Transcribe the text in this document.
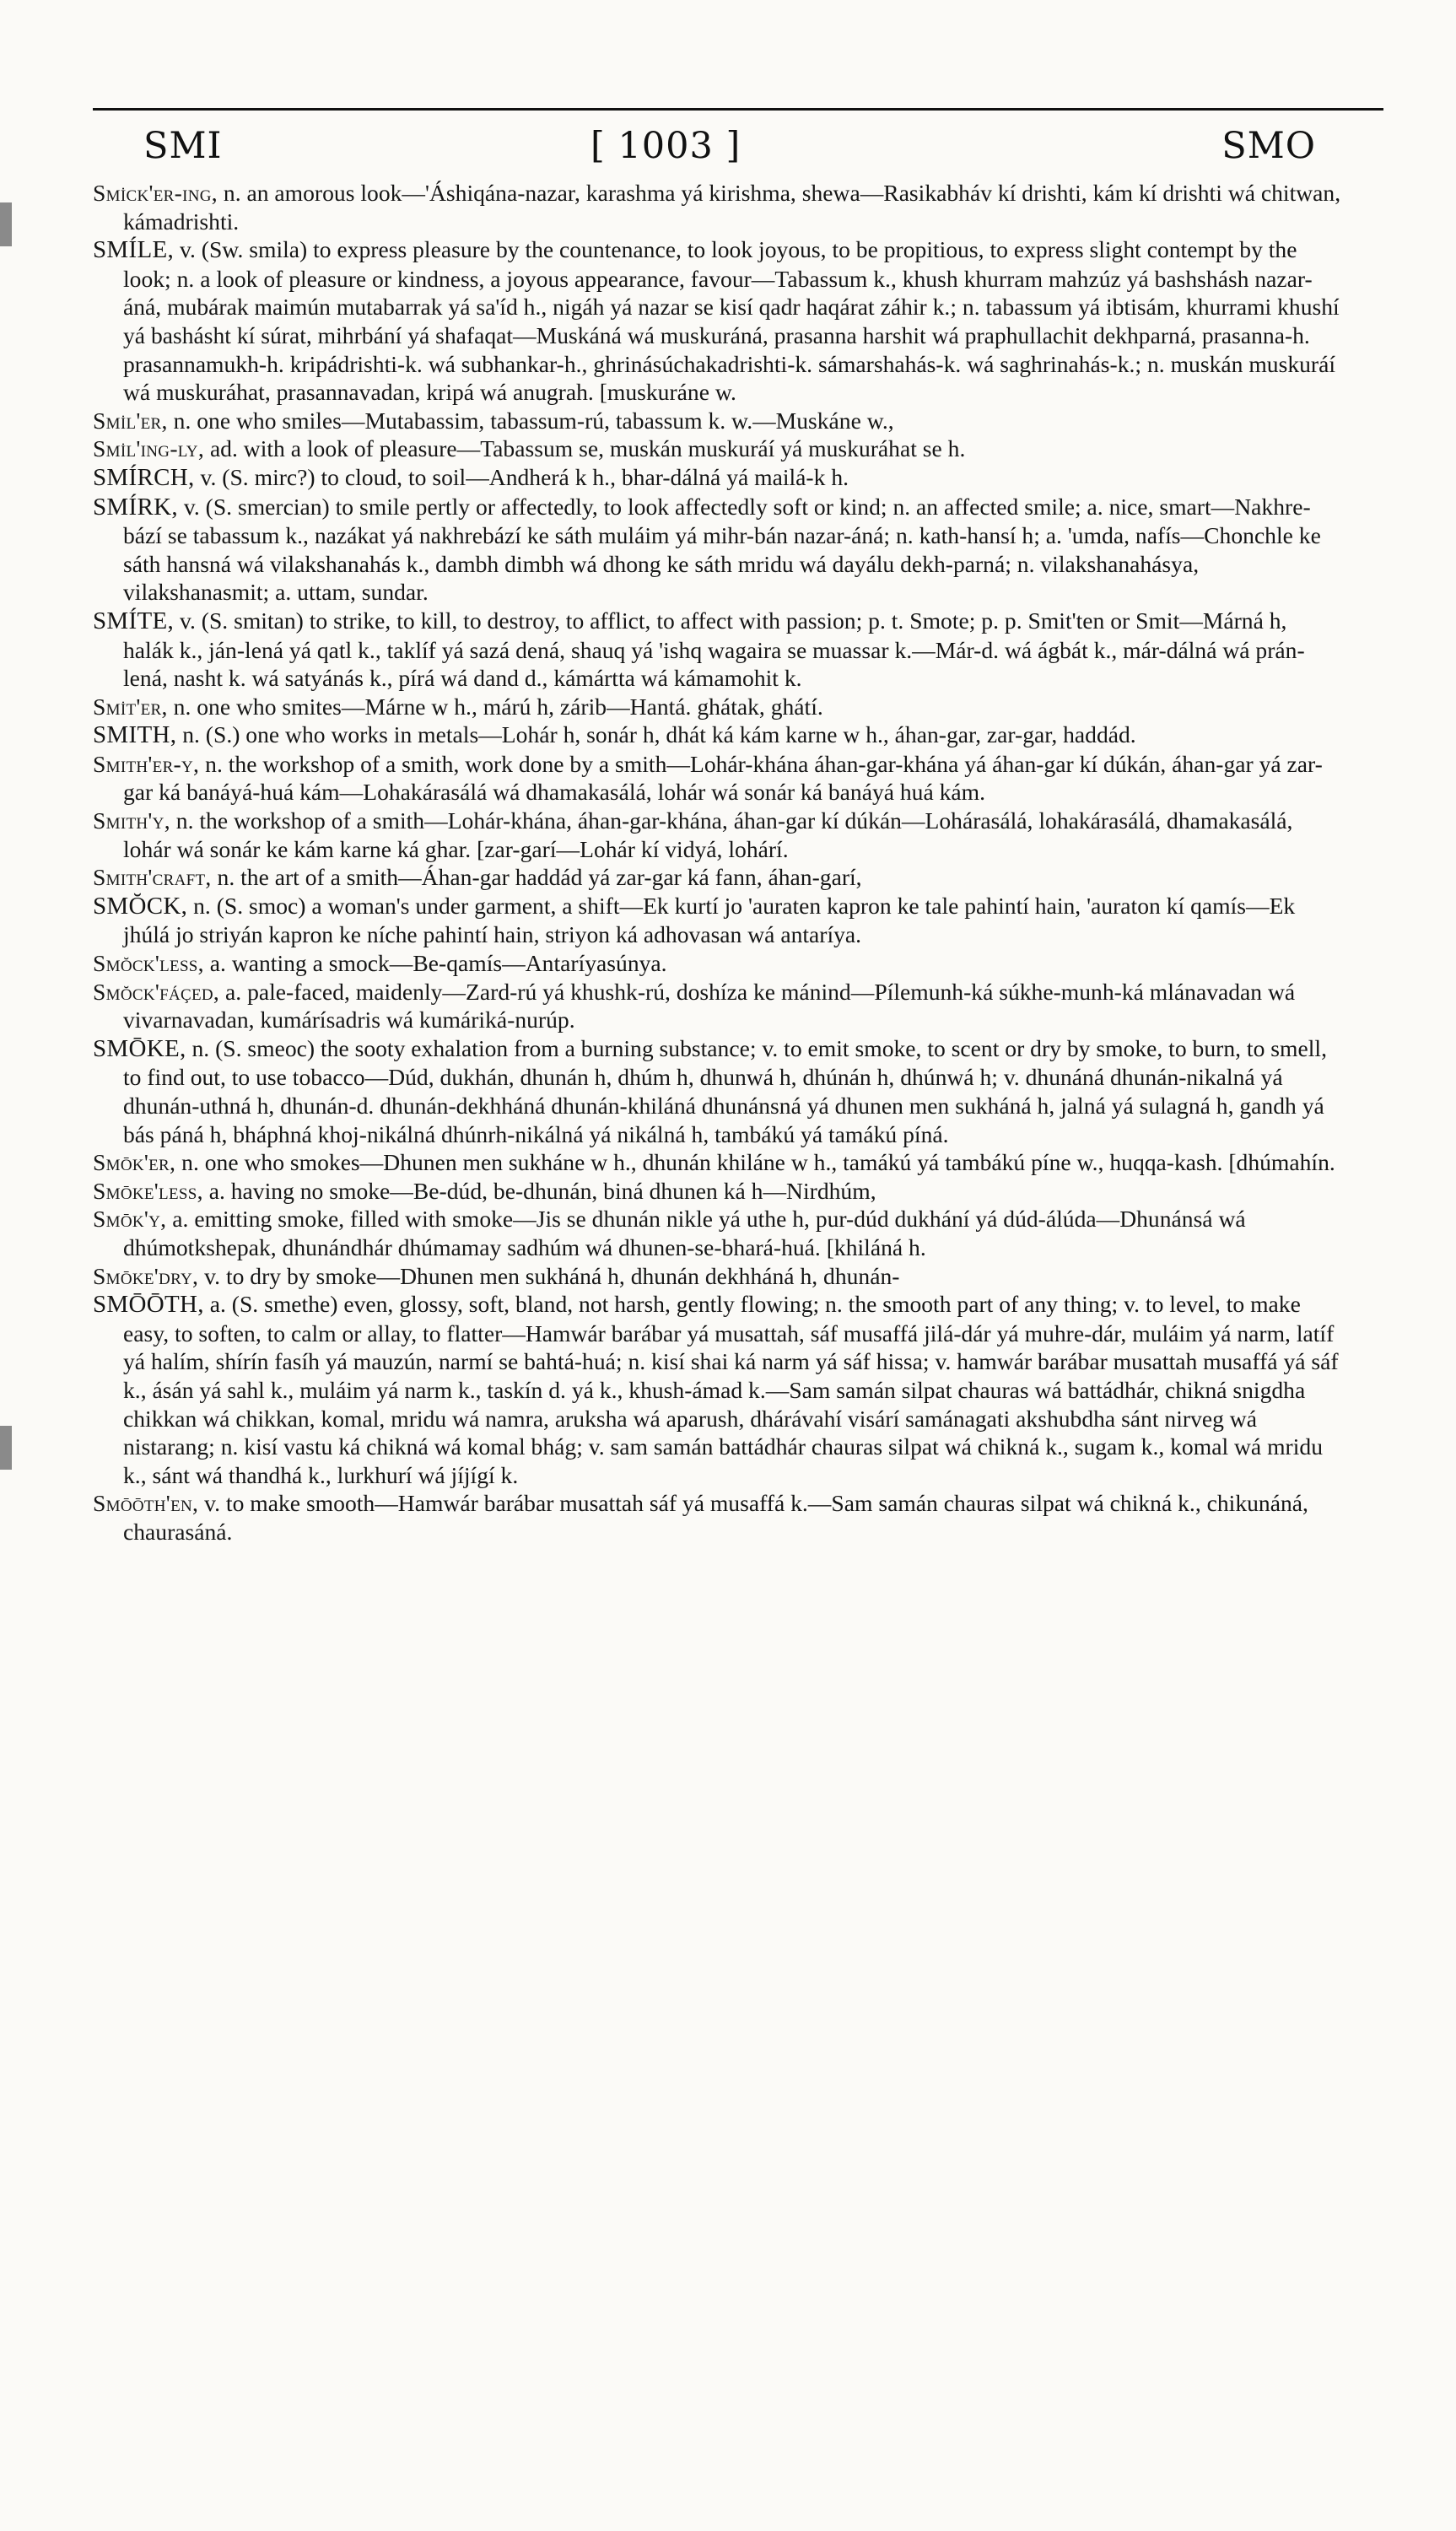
SMI	[ 1003 ]	SMO

Smi̇ck'er-ing, n. an amorous look—'Áshiqána-nazar, karashma yá kirishma, shewa—Rasikabháv kí drishti, kám kí drishti wá chitwan, kámadrishti.

SMÍLE, v. (Sw. smila) to express pleasure by the countenance, to look joyous, to be propitious, to express slight contempt by the look; n. a look of pleasure or kindness, a joyous appearance, favour—Tabassum k., khush khurram mahzúz yá bashshásh nazar-áná, mubárak maimún mutabarrak yá sa'íd h., nigáh yá nazar se kisí qadr haqárat záhir k.; n. tabassum yá ibtisám, khurrami khushí yá bashásht kí súrat, mihrbání yá shafaqat—Muskáná wá muskuráná, prasanna harshit wá praphullachit dekhparná, prasanna-h. prasannamukh-h. kripádrishti-k. wá subhankar-h., ghrinásúchakadrishti-k. sámarshahás-k. wá saghrinahás-k.; n. muskán muskuráí wá muskuráhat, prasannavadan, kripá wá anugrah. [muskuráne w.

Smi̇l'er, n. one who smiles—Mutabassim, tabassum-rú, tabassum k. w.—Muskáne w.,

Smi̇l'ing-ly, ad. with a look of pleasure—Tabassum se, muskán muskuráí yá muskuráhat se h.

SMÍRCH, v. (S. mirc?) to cloud, to soil—Andherá k h., bhar-dálná yá mailá-k h.

SMÍRK, v. (S. smercian) to smile pertly or affectedly, to look affectedly soft or kind; n. an affected smile; a. nice, smart—Nakhre-bází se tabassum k., nazákat yá nakhrebází ke sáth muláim yá mihr-bán nazar-áná; n. kath-hansí h; a. 'umda, nafís—Chonchle ke sáth hansná wá vilakshanahás k., dambh dimbh wá dhong ke sáth mridu wá dayálu dekh-parná; n. vilakshanahásya, vilakshanasmit; a. uttam, sundar.

SMÍTE, v. (S. smitan) to strike, to kill, to destroy, to afflict, to affect with passion; p. t. Smote; p. p. Smit'ten or Smit—Márná h, halák k., ján-lená yá qatl k., taklíf yá sazá dená, shauq yá 'ishq wagaira se muassar k.—Már-d. wá ágbát k., már-dálná wá prán-lená, nasht k. wá satyánás k., pírá wá dand d., kámártta wá kámamohit k.

Smi̇t'er, n. one who smites—Márne w h., márú h, zárib—Hantá. ghátak, ghátí.

SMITH, n. (S.) one who works in metals—Lohár h, sonár h, dhát ká kám karne w h., áhan-gar, zar-gar, haddád.

Smith'er-y, n. the workshop of a smith, work done by a smith—Lohár-khána áhan-gar-khána yá áhan-gar kí dúkán, áhan-gar yá zar-gar ká banáyá-huá kám—Lohakárasálá wá dhamakasálá, lohár wá sonár ká banáyá huá kám.

Smith'y, n. the workshop of a smith—Lohár-khána, áhan-gar-khána, áhan-gar kí dúkán—Lohárasálá, lohakárasálá, dhamakasálá, lohár wá sonár ke kám karne ká ghar. [zar-garí—Lohár kí vidyá, lohárí.

Smith'craft, n. the art of a smith—Áhan-gar haddád yá zar-gar ká fann, áhan-garí,

SMŎCK, n. (S. smoc) a woman's under garment, a shift—Ek kurtí jo 'auraten kapron ke tale pahintí hain, 'auraton kí qamís—Ek jhúlá jo striyán kapron ke níche pahintí hain, striyon ká adhovasan wá antaríya.

Smŏck'less, a. wanting a smock—Be-qamís—Antaríyasúnya.

Smŏck'fáçed, a. pale-faced, maidenly—Zard-rú yá khushk-rú, doshíza ke mánind—Pílemunh-ká súkhe-munh-ká mlánavadan wá vivarnavadan, kumárísadris wá kumáriká-nurúp.

SMŌKE, n. (S. smeoc) the sooty exhalation from a burning substance; v. to emit smoke, to scent or dry by smoke, to burn, to smell, to find out, to use tobacco—Dúd, dukhán, dhunán h, dhúm h, dhunwá h, dhúnán h, dhúnwá h; v. dhunáná dhunán-nikalná yá dhunán-uthná h, dhunán-d. dhunán-dekhháná dhunán-khiláná dhunánsná yá dhunen men sukháná h, jalná yá sulagná h, gandh yá bás páná h, bháphná khoj-nikálná dhúnrh-nikálná yá nikálná h, tambákú yá tamákú píná.

Smōk'er, n. one who smokes—Dhunen men sukháne w h., dhunán khiláne w h., tamákú yá tambákú píne w., huqqa-kash. [dhúmahín.

Smōke'less, a. having no smoke—Be-dúd, be-dhunán, biná dhunen ká h—Nirdhúm,

Smōk'y, a. emitting smoke, filled with smoke—Jis se dhunán nikle yá uthe h, pur-dúd dukhání yá dúd-álúda—Dhunánsá wá dhúmotkshepak, dhunándhár dhúmamay sadhúm wá dhunen-se-bhará-huá. [khiláná h.

Smōke'dry, v. to dry by smoke—Dhunen men sukháná h, dhunán dekhháná h, dhunán-

SMŌŌTH, a. (S. smethe) even, glossy, soft, bland, not harsh, gently flowing; n. the smooth part of any thing; v. to level, to make easy, to soften, to calm or allay, to flatter—Hamwár barábar yá musattah, sáf musaffá jilá-dár yá muhre-dár, muláim yá narm, latíf yá halím, shírín fasíh yá mauzún, narmí se bahtá-huá; n. kisí shai ká narm yá sáf hissa; v. hamwár barábar musattah musaffá yá sáf k., ásán yá sahl k., muláim yá narm k., taskín d. yá k., khush-ámad k.—Sam samán silpat chauras wá battádhár, chikná snigdha chikkan wá chikkan, komal, mridu wá namra, aruksha wá aparush, dhárávahí visárí samánagati akshubdha sánt nirveg wá nistarang; n. kisí vastu ká chikná wá komal bhág; v. sam samán battádhár chauras silpat wá chikná k., sugam k., komal wá mridu k., sánt wá thandhá k., lurkhurí wá jíjígí k.

Smōōth'en, v. to make smooth—Hamwár barábar musattah sáf yá musaffá k.—Sam samán chauras silpat wá chikná k., chikunáná, chaurasáná.
